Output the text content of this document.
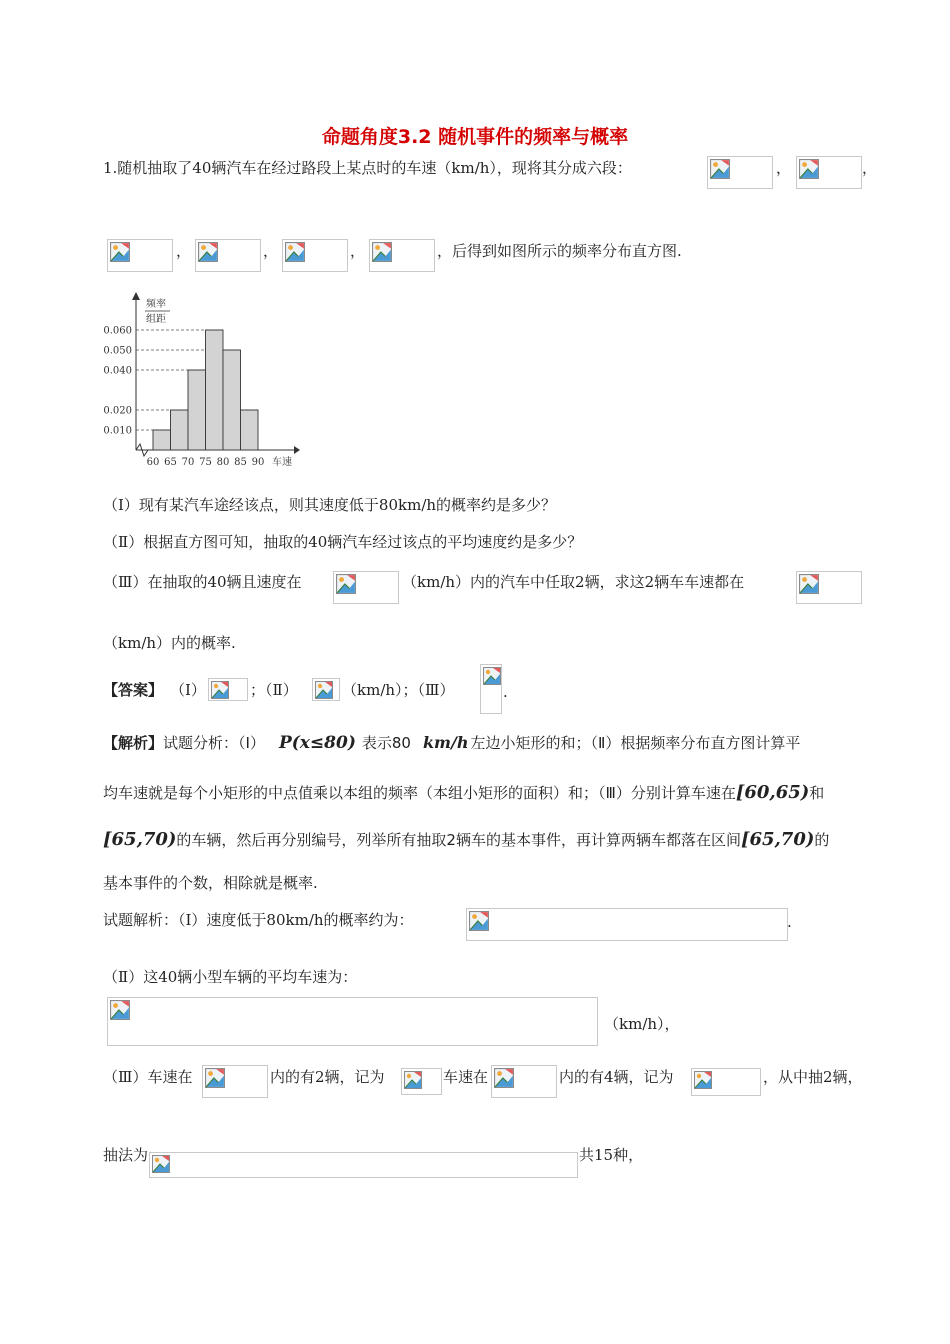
命题角度3.2 随机事件的频率与概率
1.随机抽取了40辆汽车在经过路段上某点时的车速（km/h），现将其分成六段：	，	，
，	，	，	，后得到如图所示的频率分布直方图.
频率
组距
0.060
0.050
0.040
0.020
0.010
60 65 70 75 80 85 90 车速
（Ⅰ）现有某汽车途经该点，则其速度低于80km/h的概率约是多少？
（Ⅱ）根据直方图可知，抽取的40辆汽车经过该点的平均速度约是多少？
（Ⅲ）在抽取的40辆且速度在	（km/h）内的汽车中任取2辆，求这2辆车车速都在
（km/h）内的概率.
【答案】 （Ⅰ）	；（Ⅱ）	（km/h）；（Ⅲ）	.
【解析】试题分析：（Ⅰ） P(x≤80) 表示80 km/h 左边小矩形的和；（Ⅱ）根据频率分布直方图计算平
均车速就是每个小矩形的中点值乘以本组的频率（本组小矩形的面积）和；（Ⅲ）分别计算车速在[60,65)和
[65,70)的车辆，然后再分别编号，列举所有抽取2辆车的基本事件，再计算两辆车都落在区间[65,70)的
基本事件的个数，相除就是概率.
试题解析：（Ⅰ）速度低于80km/h的概率约为：	.
（Ⅱ）这40辆小型车辆的平均车速为：
（km/h），
（Ⅲ）车速在	内的有2辆，记为	车速在	内的有4辆，记为	，从中抽2辆，
抽法为	共15种，
